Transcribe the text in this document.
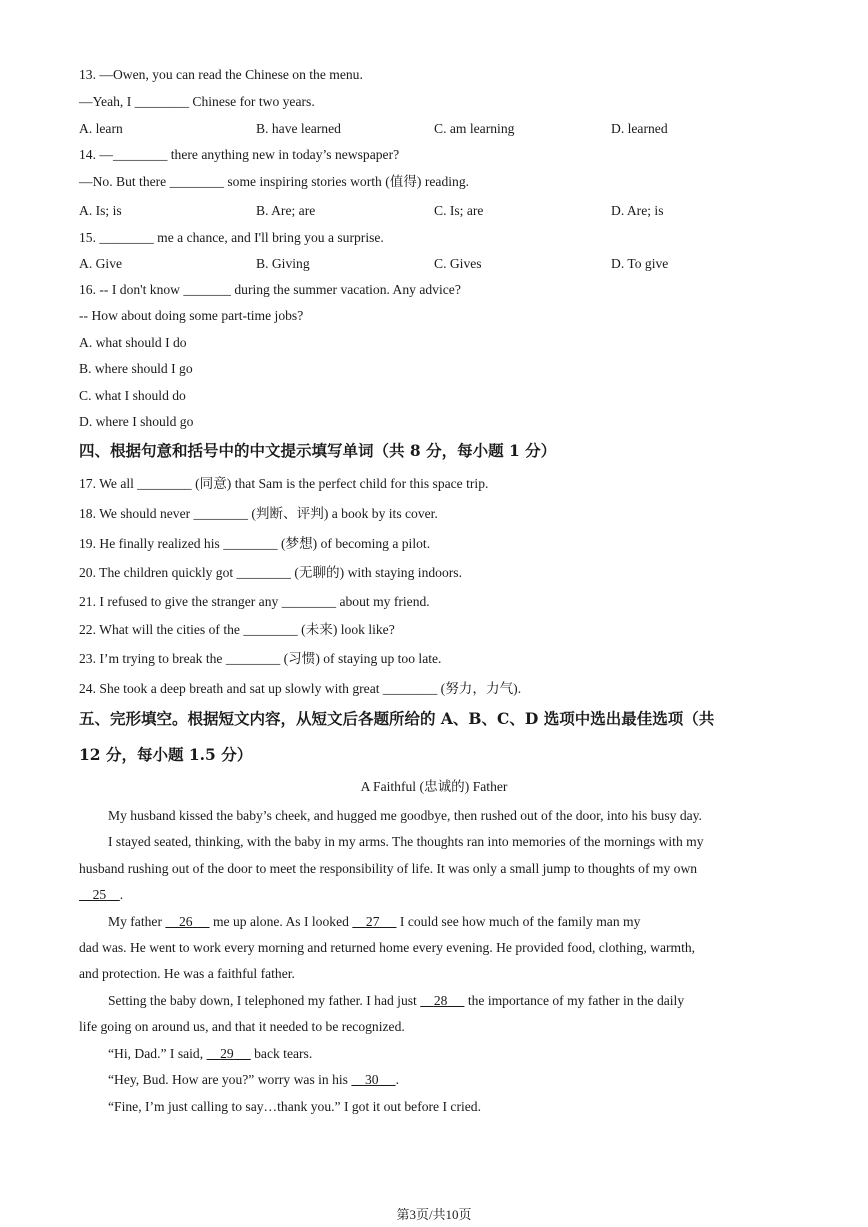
13. —Owen, you can read the Chinese on the menu.
—Yeah, I ________ Chinese for two years.
A. learn	B. have learned	C. am learning	D. learned
14. —________ there anything new in today’s newspaper?
—No. But there ________ some inspiring stories worth (值得) reading.
A. Is; is	B. Are; are	C. Is; are	D. Are; is
15. ________ me a chance, and I'll bring you a surprise.
A. Give	B. Giving	C. Gives	D. To give
16. -- I don't know _______ during the summer vacation. Any advice?
-- How about doing some part-time jobs?
A. what should I do
B. where should I go
C. what I should do
D. where I should go
四、根据句意和括号中的中文提示填写单词（共 8 分，每小题 1 分）
17. We all ________ (同意) that Sam is the perfect child for this space trip.
18. We should never ________ (判断、评判) a book by its cover.
19. He finally realized his ________ (梦想) of becoming a pilot.
20. The children quickly got ________ (无聊的) with staying indoors.
21. I refused to give the stranger any ________ about my friend.
22. What will the cities of the ________ (未来) look like?
23. I’m trying to break the ________ (习惯) of staying up too late.
24. She took a deep breath and sat up slowly with great ________ (努力，力气).
五、完形填空。根据短文内容，从短文后各题所给的 A、B、C、D 选项中选出最佳选项（共
12 分，每小题 1.5 分）
A Faithful (忠诚的) Father
My husband kissed the baby’s cheek, and hugged me goodbye, then rushed out of the door, into his busy day.
I stayed seated, thinking, with the baby in my arms. The thoughts ran into memories of the mornings with my
husband rushing out of the door to meet the responsibility of life. It was only a small jump to thoughts of my own
25 .
My father 26 me up alone. As I looked 27 I could see how much of the family man my
dad was. He went to work every morning and returned home every evening. He provided food, clothing, warmth,
and protection. He was a faithful father.
Setting the baby down, I telephoned my father. I had just 28 the importance of my father in the daily
life going on around us, and that it needed to be recognized.
“Hi, Dad.” I said, 29 back tears.
“Hey, Bud. How are you?” worry was in his 30 .
“Fine, I’m just calling to say…thank you.” I got it out before I cried.
第3页/共10页
